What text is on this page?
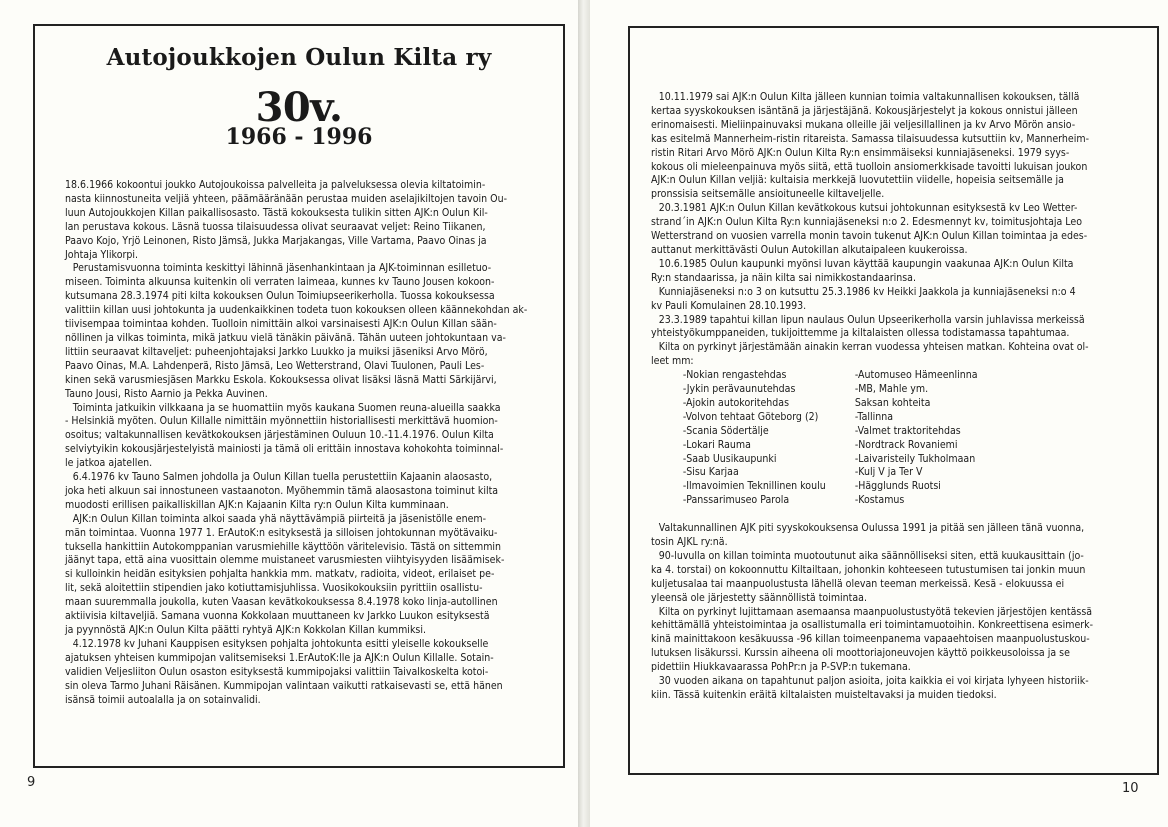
Autojoukkojen Oulun Kilta ry
30v.
1966 - 1996
18.6.1966 kokoontui joukko Autojoukoissa palvelleita ja palveluksessa olevia kiltatoimin-
nasta kiinnostuneita veljiä yhteen, päämääränään perustaa muiden aselajikiltojen tavoin Ou-
luun Autojoukkojen Killan paikallisosasto. Tästä kokouksesta tulikin sitten AJK:n Oulun Kil-
lan perustava kokous. Läsnä tuossa tilaisuudessa olivat seuraavat veljet: Reino Tiikanen,
Paavo Kojo, Yrjö Leinonen, Risto Jämsä, Jukka Marjakangas, Ville Vartama, Paavo Oinas ja
Johtaja Ylikorpi.
Perustamisvuonna toiminta keskittyi lähinnä jäsenhankintaan ja AJK-toiminnan esilletuo-
miseen. Toiminta alkuunsa kuitenkin oli verraten laimeaa, kunnes kv Tauno Jousen kokoon-
kutsumana 28.3.1974 piti kilta kokouksen Oulun Toimiupseerikerholla. Tuossa kokouksessa
valittiin killan uusi johtokunta ja uudenkaikkinen todeta tuon kokouksen olleen käännekohdan ak-
tiivisempaa toimintaa kohden. Tuolloin nimittäin alkoi varsinaisesti AJK:n Oulun Killan sään-
nöllinen ja vilkas toiminta, mikä jatkuu vielä tänäkin päivänä. Tähän uuteen johtokuntaan va-
littiin seuraavat kiltaveljet: puheenjohtajaksi Jarkko Luukko ja muiksi jäseniksi Arvo Mörö,
Paavo Oinas, M.A. Lahdenperä, Risto Jämsä, Leo Wetterstrand, Olavi Tuulonen, Pauli Les-
kinen sekä varusmiesjäsen Markku Eskola. Kokouksessa olivat lisäksi läsnä Matti Särkijärvi,
Tauno Jousi, Risto Aarnio ja Pekka Auvinen.
Toiminta jatkuikin vilkkaana ja se huomattiin myös kaukana Suomen reuna-alueilla saakka
- Helsinkiä myöten. Oulun Killalle nimittäin myönnettiin historiallisesti merkittävä huomion-
osoitus; valtakunnallisen kevätkokouksen järjestäminen Ouluun 10.-11.4.1976. Oulun Kilta
selviytyikin kokousjärjestelyistä mainiosti ja tämä oli erittäin innostava kohokohta toiminnal-
le jatkoa ajatellen.
6.4.1976 kv Tauno Salmen johdolla ja Oulun Killan tuella perustettiin Kajaanin alaosasto,
joka heti alkuun sai innostuneen vastaanoton. Myöhemmin tämä alaosastona toiminut kilta
muodosti erillisen paikalliskillan AJK:n Kajaanin Kilta ry:n Oulun Kilta kumminaan.
AJK:n Oulun Killan toiminta alkoi saada yhä näyttävämpiä piirteitä ja jäsenistölle enem-
män toimintaa. Vuonna 1977 1. ErAutoK:n esityksestä ja silloisen johtokunnan myötävaiku-
tuksella hankittiin Autokomppanian varusmiehille käyttöön väritelevisio. Tästä on sittemmin
jäänyt tapa, että aina vuosittain olemme muistaneet varusmiesten viihtyisyyden lisäämisek-
si kulloinkin heidän esityksien pohjalta hankkia mm. matkatv, radioita, videot, erilaiset pe-
lit, sekä aloitettiin stipendien jako kotiuttamisjuhlissa. Vuosikokouksiin pyrittiin osallistu-
maan suuremmalla joukolla, kuten Vaasan kevätkokouksessa 8.4.1978 koko linja-autollinen
aktiivisia kiltaveljiä. Samana vuonna Kokkolaan muuttaneen kv Jarkko Luukon esityksestä
ja pyynnöstä AJK:n Oulun Kilta päätti ryhtyä AJK:n Kokkolan Killan kummiksi.
4.12.1978 kv Juhani Kauppisen esityksen pohjalta johtokunta esitti yleiselle kokoukselle
ajatuksen yhteisen kummipojan valitsemiseksi 1.ErAutoK:lle ja AJK:n Oulun Killalle. Sotain-
validien Veljesliiton Oulun osaston esityksestä kummipojaksi valittiin Taivalkoskelta kotoi-
sin oleva Tarmo Juhani Räisänen. Kummipojan valintaan vaikutti ratkaisevasti se, että hänen
isänsä toimii autoalalla ja on sotainvalidi.
9
10.11.1979 sai AJK:n Oulun Kilta jälleen kunnian toimia valtakunnallisen kokouksen, tällä
kertaa syyskokouksen isäntänä ja järjestäjänä. Kokousjärjestelyt ja kokous onnistui jälleen
erinomaisesti. Mieliinpainuvaksi mukana olleille jäi veljesillallinen ja kv Arvo Mörön ansio-
kas esitelmä Mannerheim-ristin ritareista. Samassa tilaisuudessa kutsuttiin kv, Mannerheim-
ristin Ritari Arvo Mörö AJK:n Oulun Kilta Ry:n ensimmäiseksi kunniajäseneksi. 1979 syys-
kokous oli mieleenpainuva myös siitä, että tuolloin ansiomerkkisade tavoitti lukuisan joukon
AJK:n Oulun Killan veljiä: kultaisia merkkejä luovutettiin viidelle, hopeisia seitsemälle ja
pronssisia seitsemälle ansioituneelle kiltaveljelle.
20.3.1981 AJK:n Oulun Killan kevätkokous kutsui johtokunnan esityksestä kv Leo Wetter-
strand´in AJK:n Oulun Kilta Ry:n kunniajäseneksi n:o 2. Edesmennyt kv, toimitusjohtaja Leo
Wetterstrand on vuosien varrella monin tavoin tukenut AJK:n Oulun Killan toimintaa ja edes-
auttanut merkittävästi Oulun Autokillan alkutaipaleen kuukeroissa.
10.6.1985 Oulun kaupunki myönsi luvan käyttää kaupungin vaakunaa AJK:n Oulun Kilta
Ry:n standaarissa, ja näin kilta sai nimikkostandaarinsa.
Kunniajäseneksi n:o 3 on kutsuttu 25.3.1986 kv Heikki Jaakkola ja kunniajäseneksi n:o 4
kv Pauli Komulainen 28.10.1993.
23.3.1989 tapahtui killan lipun naulaus Oulun Upseerikerholla varsin juhlavissa merkeissä
yhteistyökumppaneiden, tukijoittemme ja kiltalaisten ollessa todistamassa tapahtumaa.
Kilta on pyrkinyt järjestämään ainakin kerran vuodessa yhteisen matkan. Kohteina ovat ol-
leet mm:
-Nokian rengastehdas
-Jykin perävaunutehdas
-Ajokin autokoritehdas
-Volvon tehtaat Göteborg (2)
-Scania Södertälje
-Lokari Rauma
-Saab Uusikaupunki
-Sisu Karjaa
-Ilmavoimien Teknillinen koulu
-Panssarimuseo Parola
-Automuseo Hämeenlinna
-MB, Mahle ym.
Saksan kohteita
-Tallinna
-Valmet traktoritehdas
-Nordtrack Rovaniemi
-Laivaristeily Tukholmaan
-Kulj V ja Ter V
-Hägglunds Ruotsi
-Kostamus
Valtakunnallinen AJK piti syyskokouksensa Oulussa 1991 ja pitää sen jälleen tänä vuonna,
tosin AJKL ry:nä.
90-luvulla on killan toiminta muotoutunut aika säännölliseksi siten, että kuukausittain (jo-
ka 4. torstai) on kokoonnuttu Kiltailtaan, johonkin kohteeseen tutustumisen tai jonkin muun
kuljetusalaa tai maanpuolustusta lähellä olevan teeman merkeissä. Kesä - elokuussa ei
yleensä ole järjestetty säännöllistä toimintaa.
Kilta on pyrkinyt lujittamaan asemaansa maanpuolustustyötä tekevien järjestöjen kentässä
kehittämällä yhteistoimintaa ja osallistumalla eri toimintamuotoihin. Konkreettisena esimerk-
kinä mainittakoon kesäkuussa -96 killan toimeenpanema vapaaehtoisen maanpuolustuskou-
lutuksen lisäkurssi. Kurssin aiheena oli moottoriajoneuvojen käyttö poikkeusoloissa ja se
pidettiin Hiukkavaarassa PohPr:n ja P-SVP:n tukemana.
30 vuoden aikana on tapahtunut paljon asioita, joita kaikkia ei voi kirjata lyhyeen historiik-
kiin. Tässä kuitenkin eräitä kiltalaisten muisteltavaksi ja muiden tiedoksi.
10
